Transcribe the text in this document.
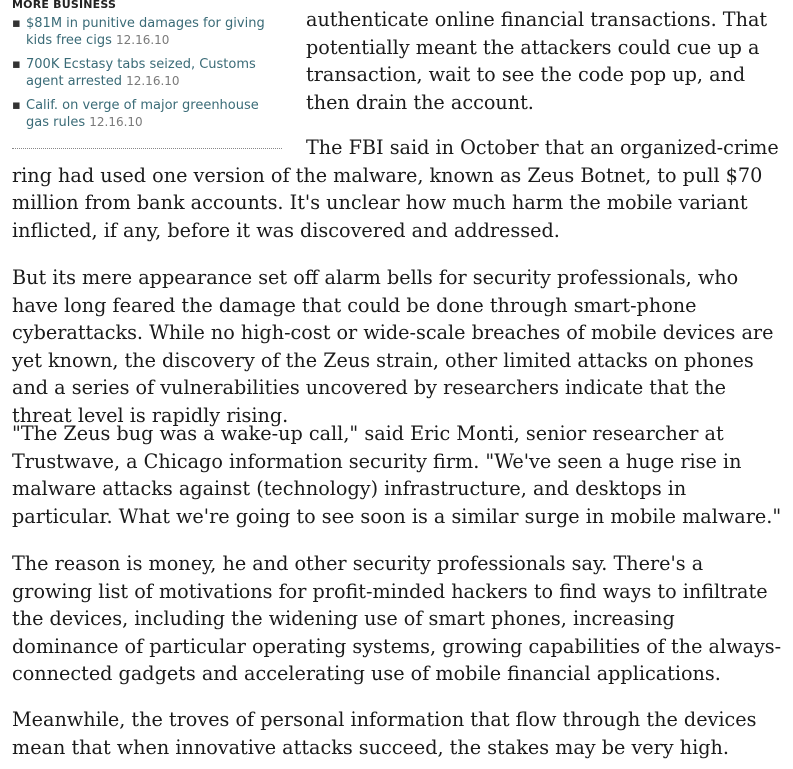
MORE BUSINESS
▪ $81M in punitive damages for giving kids free cigs 12.16.10
▪ 700K Ecstasy tabs seized, Customs agent arrested 12.16.10
▪ Calif. on verge of major greenhouse gas rules 12.16.10

authenticate online financial transactions. That potentially meant the attackers could cue up a transaction, wait to see the code pop up, and then drain the account.

The FBI said in October that an organized-crime ring had used one version of the malware, known as Zeus Botnet, to pull $70 million from bank accounts. It's unclear how much harm the mobile variant inflicted, if any, before it was discovered and addressed.

But its mere appearance set off alarm bells for security professionals, who have long feared the damage that could be done through smart-phone cyberattacks. While no high-cost or wide-scale breaches of mobile devices are yet known, the discovery of the Zeus strain, other limited attacks on phones and a series of vulnerabilities uncovered by researchers indicate that the threat level is rapidly rising.

"The Zeus bug was a wake-up call," said Eric Monti, senior researcher at Trustwave, a Chicago information security firm. "We've seen a huge rise in malware attacks against (technology) infrastructure, and desktops in particular. What we're going to see soon is a similar surge in mobile malware."

The reason is money, he and other security professionals say. There's a growing list of motivations for profit-minded hackers to find ways to infiltrate the devices, including the widening use of smart phones, increasing dominance of particular operating systems, growing capabilities of the always-connected gadgets and accelerating use of mobile financial applications.

Meanwhile, the troves of personal information that flow through the devices mean that when innovative attacks succeed, the stakes may be very high.
